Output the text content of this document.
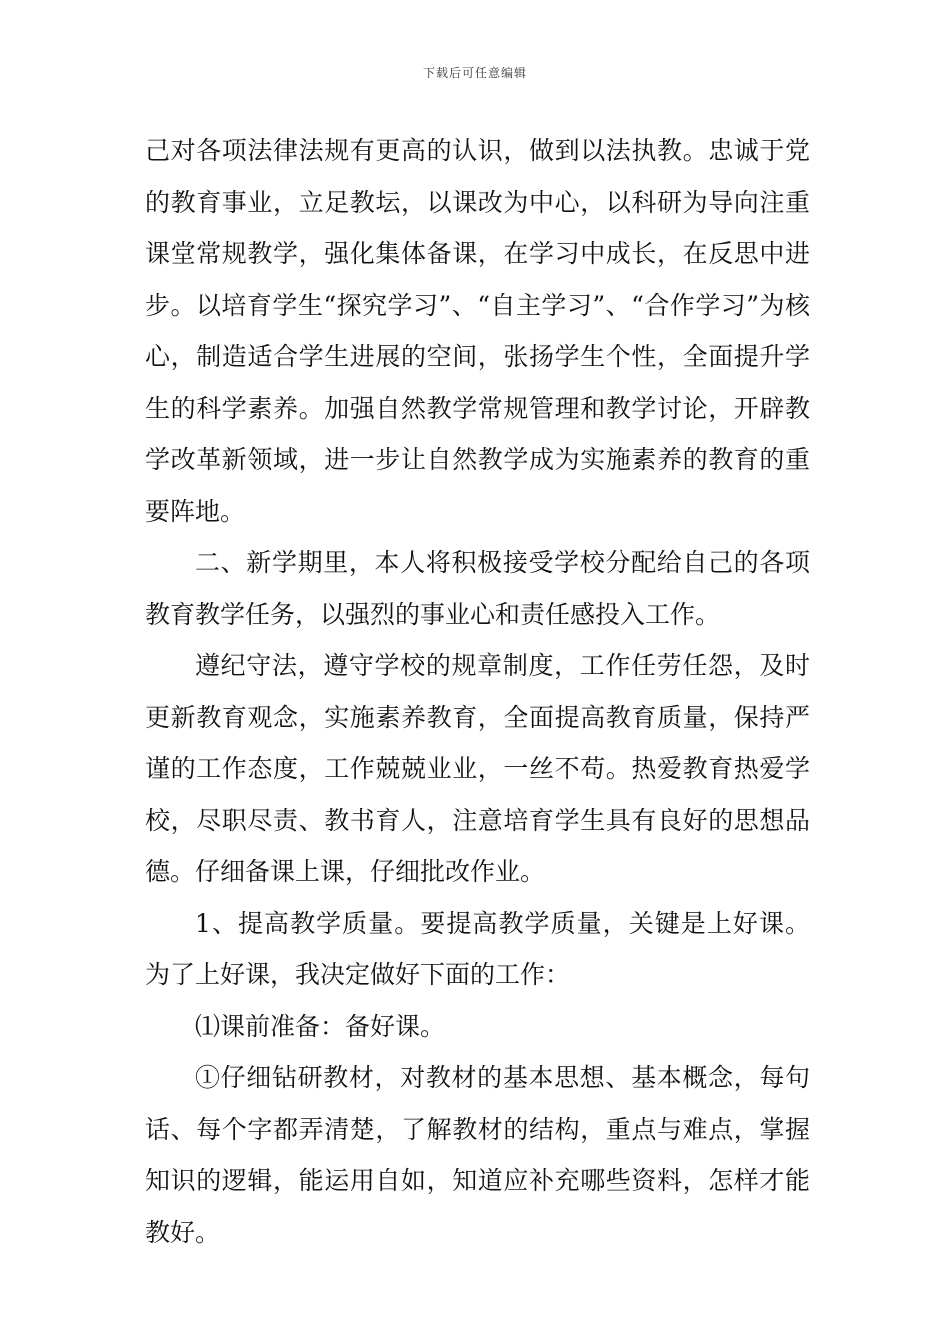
下载后可任意编辑

己对各项法律法规有更高的认识，做到以法执教。忠诚于党的教育事业，立足教坛，以课改为中心，以科研为导向注重课堂常规教学，强化集体备课，在学习中成长，在反思中进步。以培育学生“探究学习”、“自主学习”、“合作学习”为核心，制造适合学生进展的空间，张扬学生个性，全面提升学生的科学素养。加强自然教学常规管理和教学讨论，开辟教学改革新领域，进一步让自然教学成为实施素养的教育的重要阵地。

二、新学期里，本人将积极接受学校分配给自己的各项教育教学任务，以强烈的事业心和责任感投入工作。

遵纪守法，遵守学校的规章制度，工作任劳任怨，及时更新教育观念，实施素养教育，全面提高教育质量，保持严谨的工作态度，工作兢兢业业，一丝不苟。热爱教育热爱学校，尽职尽责、教书育人，注意培育学生具有良好的思想品德。仔细备课上课，仔细批改作业。

1、提高教学质量。要提高教学质量，关键是上好课。为了上好课，我决定做好下面的工作：

⑴课前准备：备好课。

①仔细钻研教材，对教材的基本思想、基本概念，每句话、每个字都弄清楚，了解教材的结构，重点与难点，掌握知识的逻辑，能运用自如，知道应补充哪些资料，怎样才能教好。
